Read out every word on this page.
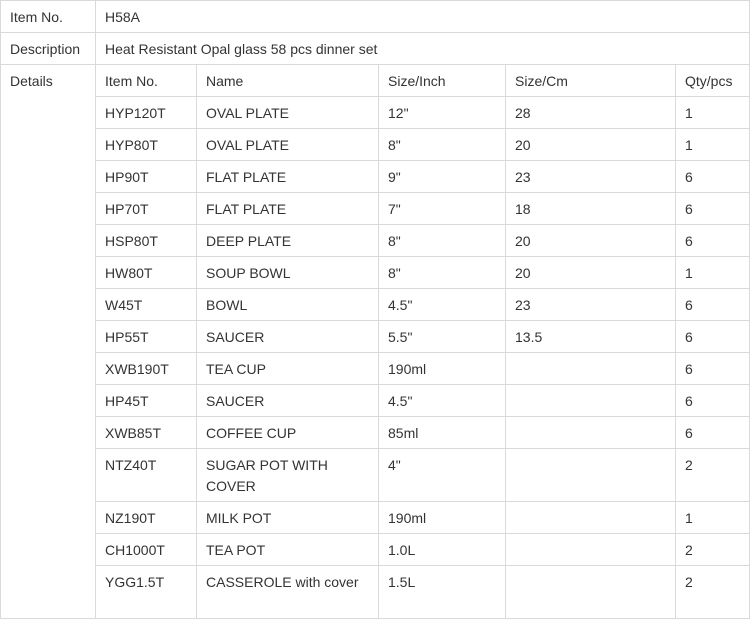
Item No.	H58A				
Description	Heat Resistant Opal glass 58 pcs dinner set				
Details	Item No.	Name	Size/Inch	Size/Cm	Qty/pcs
	HYP120T	OVAL PLATE	12"	28	1
	HYP80T	OVAL PLATE	8"	20	1
	HP90T	FLAT PLATE	9"	23	6
	HP70T	FLAT PLATE	7"	18	6
	HSP80T	DEEP PLATE	8"	20	6
	HW80T	SOUP BOWL	8"	20	1
	W45T	BOWL	4.5"	23	6
	HP55T	SAUCER	5.5"	13.5	6
	XWB190T	TEA CUP	190ml		6
	HP45T	SAUCER	4.5"		6
	XWB85T	COFFEE CUP	85ml		6
	NTZ40T	SUGAR POT WITH COVER	4"		2
	NZ190T	MILK POT	190ml		1
	CH1000T	TEA POT	1.0L		2
	YGG1.5T	CASSEROLE with cover	1.5L		2
